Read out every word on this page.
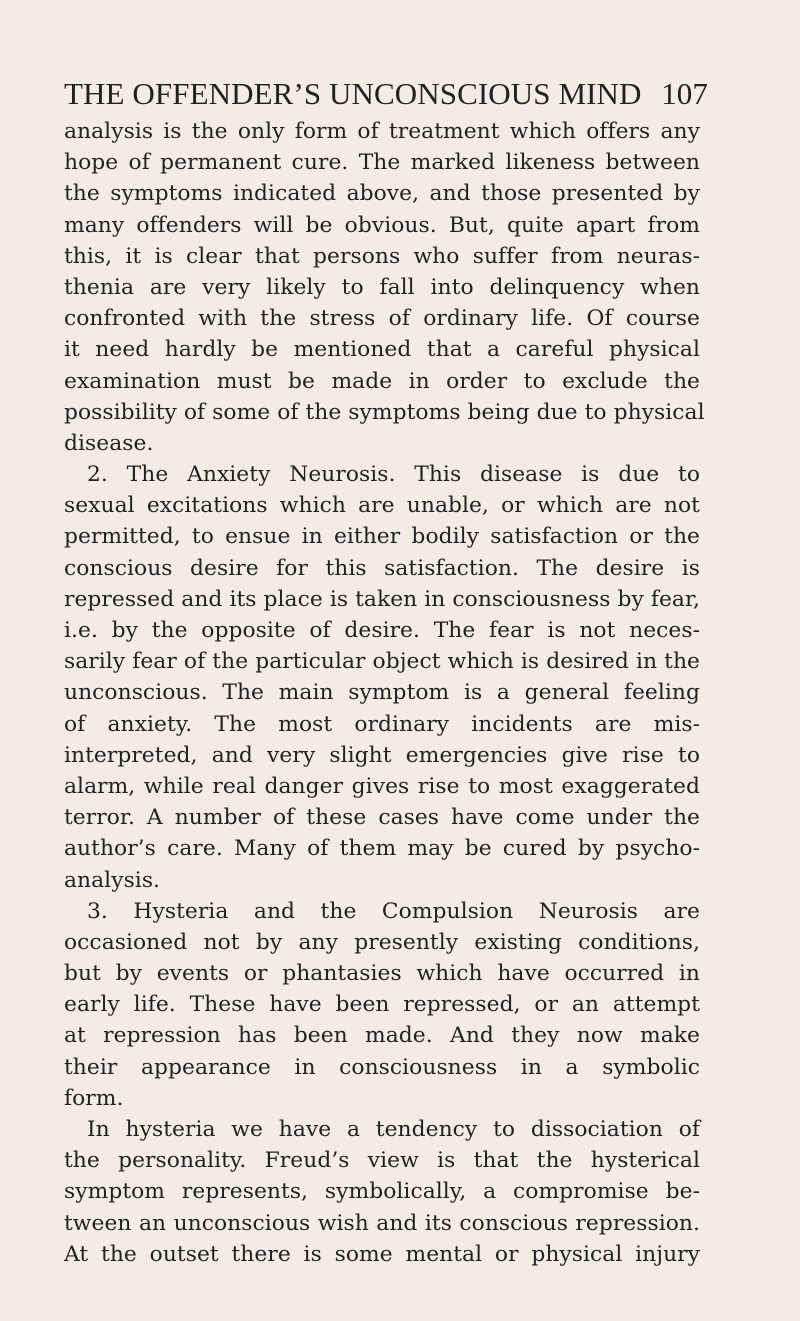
THE OFFENDER’S UNCONSCIOUS MIND 107
analysis is the only form of treatment which offers any
hope of permanent cure. The marked likeness between
the symptoms indicated above, and those presented by
many offenders will be obvious. But, quite apart from
this, it is clear that persons who suffer from neuras-
thenia are very likely to fall into delinquency when
confronted with the stress of ordinary life. Of course
it need hardly be mentioned that a careful physical
examination must be made in order to exclude the
possibility of some of the symptoms being due to physical
disease.
2. The Anxiety Neurosis. This disease is due to
sexual excitations which are unable, or which are not
permitted, to ensue in either bodily satisfaction or the
conscious desire for this satisfaction. The desire is
repressed and its place is taken in consciousness by fear,
i.e. by the opposite of desire. The fear is not neces-
sarily fear of the particular object which is desired in the
unconscious. The main symptom is a general feeling
of anxiety. The most ordinary incidents are mis-
interpreted, and very slight emergencies give rise to
alarm, while real danger gives rise to most exaggerated
terror. A number of these cases have come under the
author’s care. Many of them may be cured by psycho-
analysis.
3. Hysteria and the Compulsion Neurosis are
occasioned not by any presently existing conditions,
but by events or phantasies which have occurred in
early life. These have been repressed, or an attempt
at repression has been made. And they now make
their appearance in consciousness in a symbolic
form.
In hysteria we have a tendency to dissociation of
the personality. Freud’s view is that the hysterical
symptom represents, symbolically, a compromise be-
tween an unconscious wish and its conscious repression.
At the outset there is some mental or physical injury
